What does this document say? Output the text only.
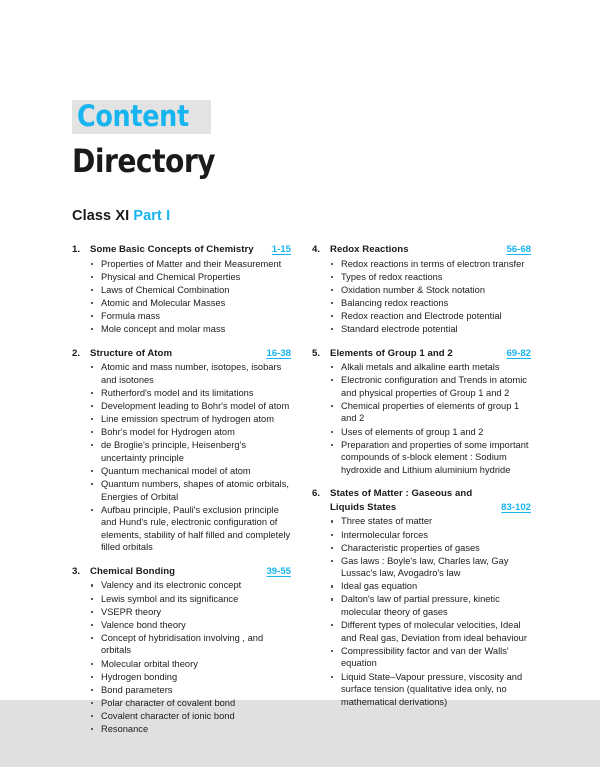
Content
Directory
Class XI Part I
1.	Some Basic Concepts of Chemistry 1-15
Properties of Matter and their Measurement
Physical and Chemical Properties
Laws of Chemical Combination
Atomic and Molecular Masses
Formula mass
Mole concept and molar mass
2.	Structure of Atom	16-38
Atomic and mass number, isotopes, isobars and isotones
Rutherford's model and its limitations
Development leading to Bohr's model of atom
Line emission spectrum of hydrogen atom
Bohr's model for Hydrogen atom
de Broglie's principle, Heisenberg's uncertainty principle
Quantum mechanical model of atom
Quantum numbers, shapes of atomic orbitals, Energies of Orbital
Aufbau principle, Pauli's exclusion principle and Hund's rule, electronic configuration of elements, stability of half filled and completely filled orbitals
3.	Chemical Bonding	39-55
Valency and its electronic concept
Lewis symbol and its significance
VSEPR theory
Valence bond theory
Concept of hybridisation involving , and orbitals
Molecular orbital theory
Hydrogen bonding
Bond parameters
Polar character of covalent bond
Covalent character of ionic bond
Resonance
4.	Redox Reactions	56-68
Redox reactions in terms of electron transfer
Types of redox reactions
Oxidation number & Stock notation
Balancing redox reactions
Redox reaction and Electrode potential
Standard electrode potential
5.	Elements of Group 1 and 2	69-82
Alkali metals and alkaline earth metals
Electronic configuration and Trends in atomic and physical properties of Group 1 and 2
Chemical properties of elements of group 1 and 2
Uses of elements of group 1 and 2
Preparation and properties of some important compounds of s-block element : Sodium hydroxide and Lithium aluminium hydride
6.	States of Matter : Gaseous and
Liquids States	83-102
Three states of matter
Intermolecular forces
Characteristic properties of gases
Gas laws : Boyle's law, Charles law, Gay Lussac's law, Avogadro's law
Ideal gas equation
Dalton's law of partial pressure, kinetic molecular theory of gases
Different types of molecular velocities, Ideal and Real gas, Deviation from ideal behaviour
Compressibility factor and van der Walls' equation
Liquid State–Vapour pressure, viscosity and surface tension (qualitative idea only, no mathematical derivations)
